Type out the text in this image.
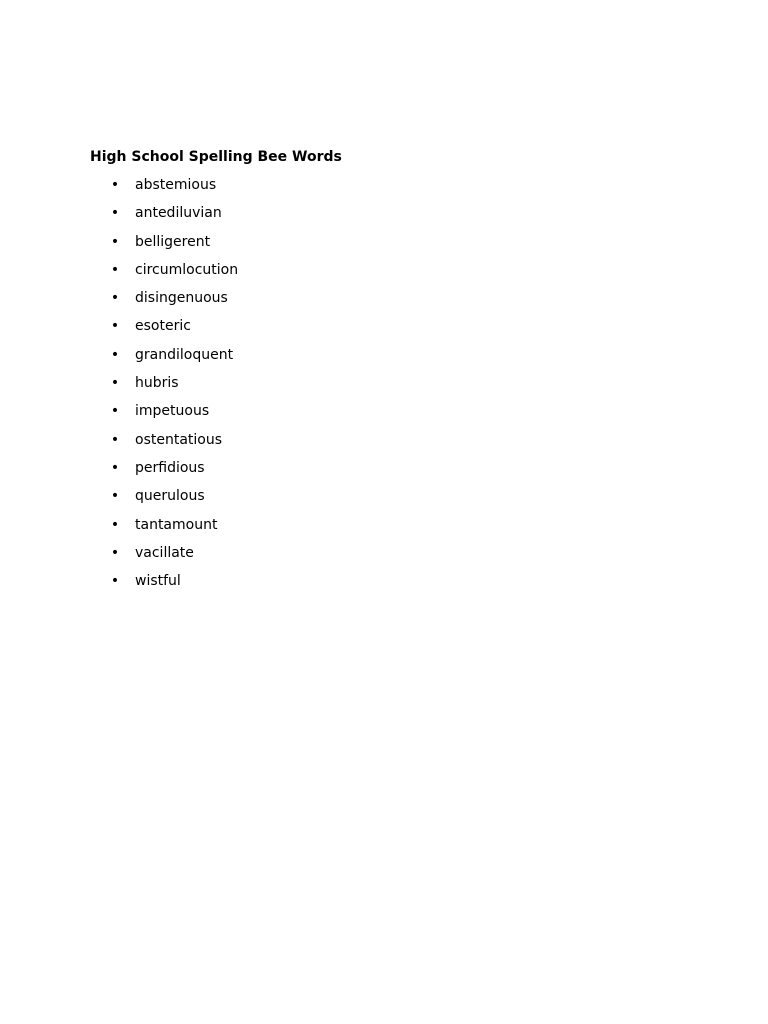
High School Spelling Bee Words
• abstemious
• antediluvian
• belligerent
• circumlocution
• disingenuous
• esoteric
• grandiloquent
• hubris
• impetuous
• ostentatious
• perfidious
• querulous
• tantamount
• vacillate
• wistful
